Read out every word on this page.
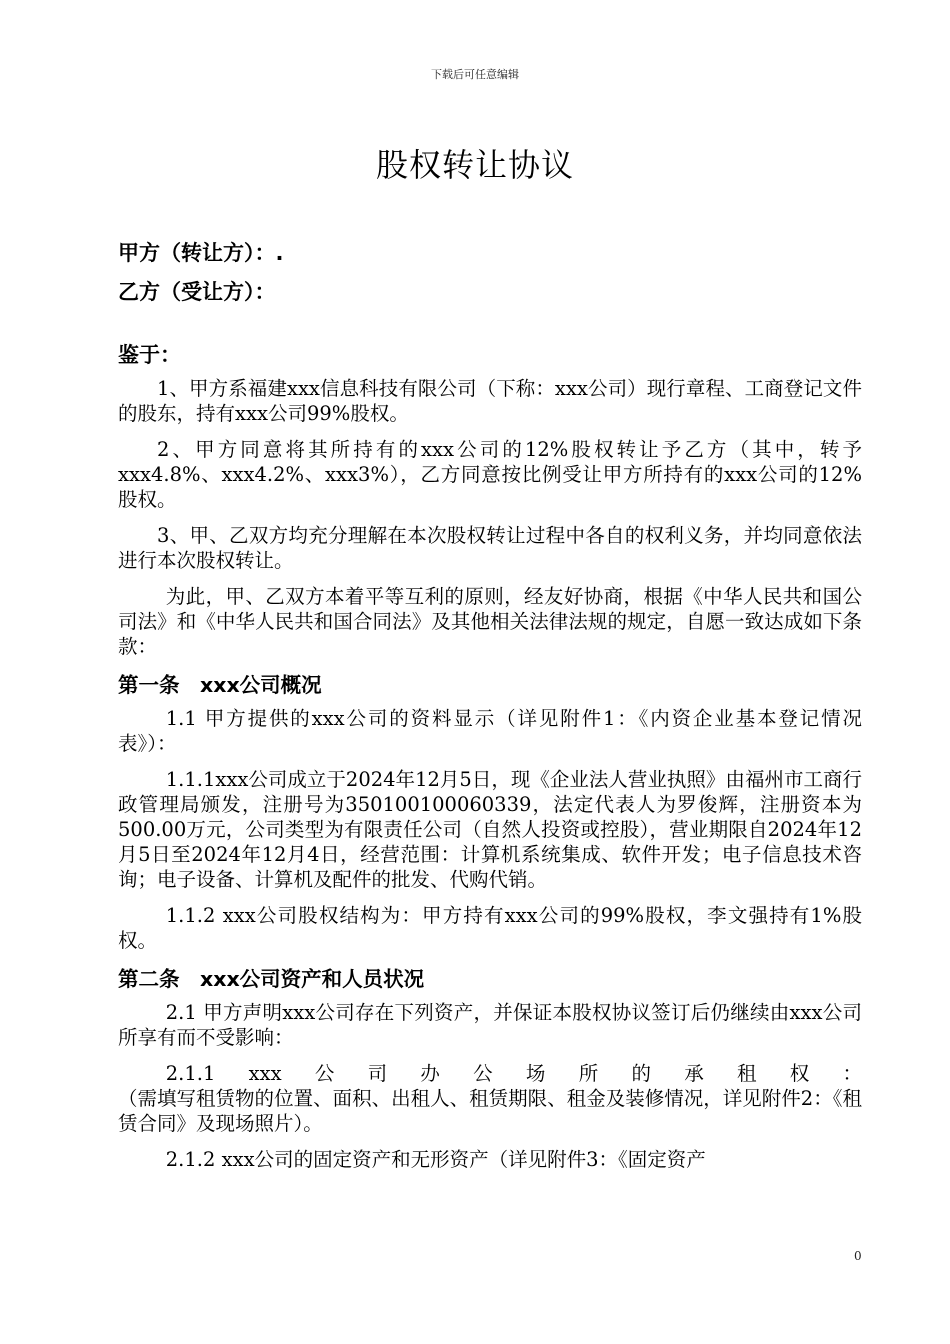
下载后可任意编辑
股权转让协议
甲方（转让方）：.
乙方（受让方）：
鉴于：

1、甲方系福建xxx信息科技有限公司（下称：xxx公司）现行章程、工商登记文件的股东，持有xxx公司99%股权。

2、甲方同意将其所持有的xxx公司的12%股权转让予乙方（其中，转予xxx4.8%、xxx4.2%、xxx3%），乙方同意按比例受让甲方所持有的xxx公司的12%股权。

3、甲、乙双方均充分理解在本次股权转让过程中各自的权利义务，并均同意依法进行本次股权转让。

为此，甲、乙双方本着平等互利的原则，经友好协商，根据《中华人民共和国公司法》和《中华人民共和国合同法》及其他相关法律法规的规定，自愿一致达成如下条款：

第一条　xxx公司概况

1.1 甲方提供的xxx公司的资料显示（详见附件1：《内资企业基本登记情况表》）：

1.1.1xxx公司成立于2024年12月5日，现《企业法人营业执照》由福州市工商行政管理局颁发，注册号为350100100060339，法定代表人为罗俊辉，注册资本为500.00万元，公司类型为有限责任公司（自然人投资或控股），营业期限自2024年12月5日至2024年12月4日，经营范围：计算机系统集成、软件开发；电子信息技术咨询；电子设备、计算机及配件的批发、代购代销。

1.1.2 xxx公司股权结构为：甲方持有xxx公司的99%股权，李文强持有1%股权。

第二条　xxx公司资产和人员状况

2.1 甲方声明xxx公司存在下列资产，并保证本股权协议签订后仍继续由xxx公司所享有而不受影响：

2.1.1　xxx　公　司　办　公　场　所　的　承　租　权　：

（需填写租赁物的位置、面积、出租人、租赁期限、租金及装修情况，详见附件2：《租赁合同》及现场照片）。

2.1.2 xxx公司的固定资产和无形资产（详见附件3：《固定资产

0
